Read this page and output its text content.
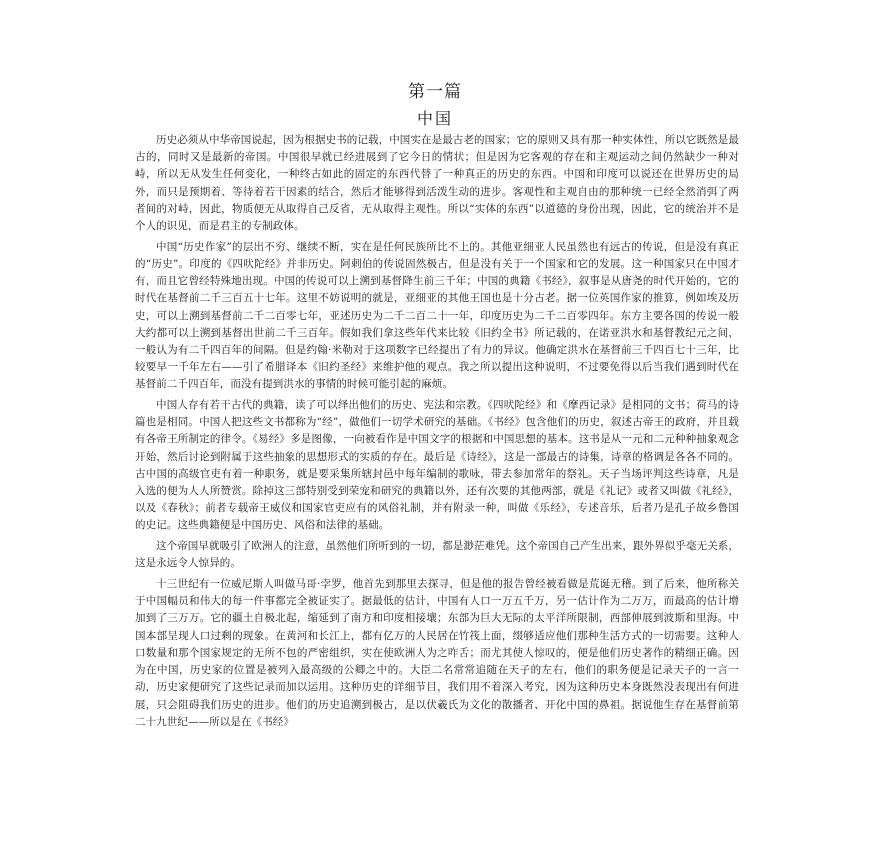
第一篇
中国

历史必须从中华帝国说起，因为根据史书的记载，中国实在是最古老的国家；它的原则又具有那一种实体性，所以它既然是最古的，同时又是最新的帝国。中国很早就已经进展到了它今日的情状；但是因为它客观的存在和主观运动之间仍然缺少一种对峙，所以无从发生任何变化，一种终古如此的固定的东西代替了一种真正的历史的东西。中国和印度可以说还在世界历史的局外，而只是预期着、等待着若干因素的结合，然后才能够得到活泼生动的进步。客观性和主观自由的那种统一已经全然消弭了两者间的对峙，因此，物质便无从取得自己反省，无从取得主观性。所以“实体的东西”以道德的身份出现，因此，它的统治并不是个人的识见，而是君主的专制政体。

中国“历史作家”的层出不穷、继续不断，实在是任何民族所比不上的。其他亚细亚人民虽然也有远古的传说，但是没有真正的“历史”。印度的《四吠陀经》并非历史。阿剌伯的传说固然极古，但是没有关于一个国家和它的发展。这一种国家只在中国才有，而且它曾经特殊地出现。中国的传说可以上溯到基督降生前三千年；中国的典籍《书经》，叙事是从唐尧的时代开始的，它的时代在基督前二千三百五十七年。这里不妨说明的就是，亚细亚的其他王国也是十分古老。据一位英国作家的推算，例如埃及历史，可以上溯到基督前二千二百零七年，亚述历史为二千二百二十一年，印度历史为二千二百零四年。东方主要各国的传说一般大约都可以上溯到基督出世前二千三百年。假如我们拿这些年代来比较《旧约全书》所记载的，在诺亚洪水和基督教纪元之间，一般认为有二千四百年的间隔。但是约翰·米勒对于这项数字已经提出了有力的异议。他确定洪水在基督前三千四百七十三年，比较要早一千年左右——引了希腊译本《旧约圣经》来维护他的观点。我之所以提出这种说明，不过要免得以后当我们遇到时代在基督前二千四百年，而没有提到洪水的事情的时候可能引起的麻烦。

中国人存有若干古代的典籍，读了可以绎出他们的历史、宪法和宗教。《四吠陀经》和《摩西记录》是相同的文书；荷马的诗篇也是相同。中国人把这些文书都称为“经”，做他们一切学术研究的基础。《书经》包含他们的历史，叙述古帝王的政府，并且载有各帝王所制定的律令。《易经》多是图像，一向被看作是中国文字的根据和中国思想的基本。这书是从一元和二元种种抽象观念开始，然后讨论到附属于这些抽象的思想形式的实质的存在。最后是《诗经》，这是一部最古的诗集，诗章的格调是各各不同的。古中国的高级官吏有着一种职务，就是要采集所辖封邑中每年编制的歌咏，带去参加常年的祭礼。天子当场评判这些诗章，凡是入选的便为人人所赞赏。除掉这三部特别受到荣宠和研究的典籍以外，还有次要的其他两部，就是《礼记》或者又叫做《礼经》，以及《春秋》；前者专载帝王威仪和国家官吏应有的风俗礼制，并有附录一种，叫做《乐经》，专述音乐，后者乃是孔子故乡鲁国的史记。这些典籍便是中国历史、风俗和法律的基础。

这个帝国早就吸引了欧洲人的注意，虽然他们所听到的一切，都是渺茫难凭。这个帝国自己产生出来，跟外界似乎毫无关系，这是永远令人惊异的。

十三世纪有一位威尼斯人叫做马哥·孛罗，他首先到那里去探寻，但是他的报告曾经被看做是荒诞无稽。到了后来，他所称关于中国幅员和伟大的每一件事都完全被证实了。据最低的估计，中国有人口一万五千万，另一估计作为二万万，而最高的估计增加到了三万万。它的疆土自极北起，缩延到了南方和印度相接壤；东部为巨大无际的太平洋所限制，西部伸展到波斯和里海。中国本部呈现人口过剩的现象。在黄河和长江上，都有亿万的人民居在竹筏上面，缀够适应他们那种生活方式的一切需要。这种人口数量和那个国家规定的无所不包的严密组织，实在使欧洲人为之咋舌；而尤其使人惊叹的，便是他们历史著作的精细正确。因为在中国，历史家的位置是被列入最高级的公卿之中的。大臣二名常常追随在天子的左右，他们的职务便是记录天子的一言一动，历史家便研究了这些记录而加以运用。这种历史的详细节目，我们用不着深入考究，因为这种历史本身既然没表现出有何进展，只会阻碍我们历史的进步。他们的历史追溯到极古，是以伏羲氏为文化的散播者、开化中国的鼻祖。据说他生存在基督前第二十九世纪——所以是在《书经》
